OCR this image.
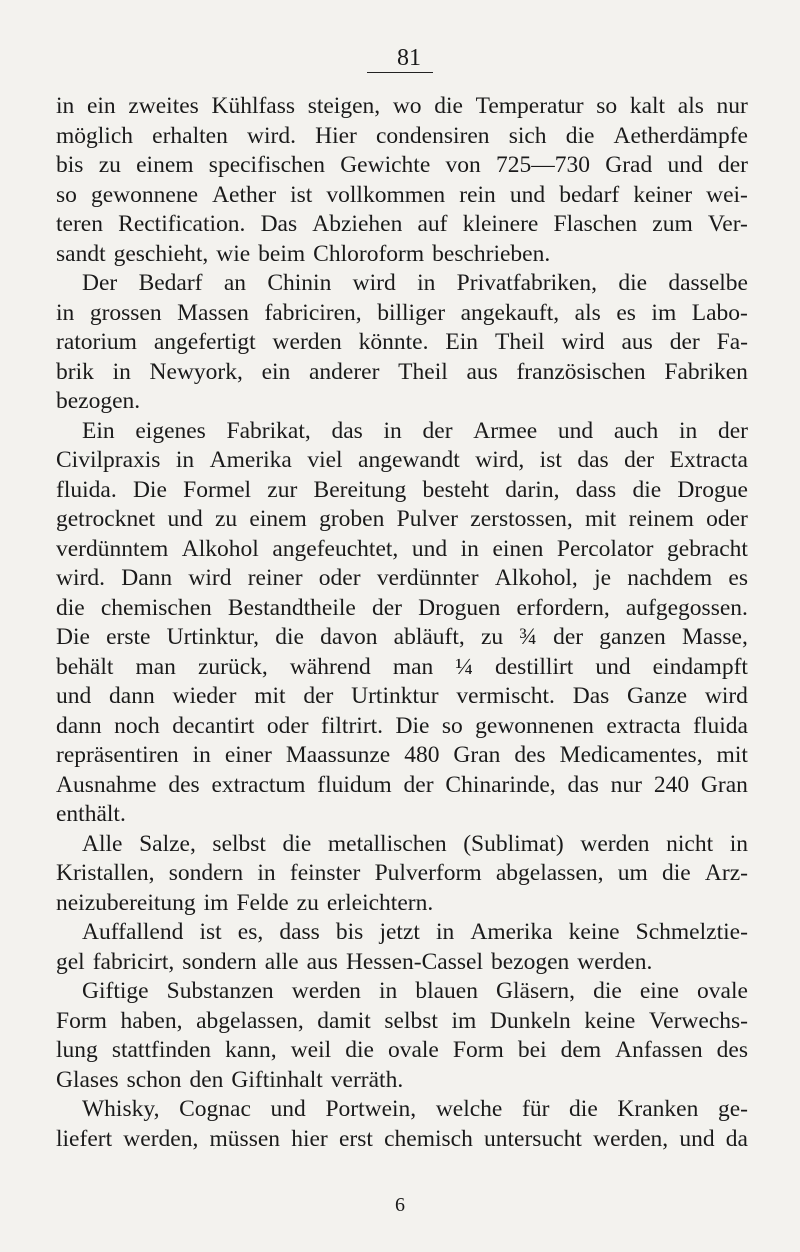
81
in ein zweites Kühlfass steigen, wo die Temperatur so kalt als nur
möglich erhalten wird. Hier condensiren sich die Aetherdämpfe
bis zu einem specifischen Gewichte von 725—730 Grad und der
so gewonnene Aether ist vollkommen rein und bedarf keiner wei-
teren Rectification. Das Abziehen auf kleinere Flaschen zum Ver-
sandt geschieht, wie beim Chloroform beschrieben.
Der Bedarf an Chinin wird in Privatfabriken, die dasselbe
in grossen Massen fabriciren, billiger angekauft, als es im Labo-
ratorium angefertigt werden könnte. Ein Theil wird aus der Fa-
brik in Newyork, ein anderer Theil aus französischen Fabriken
bezogen.
Ein eigenes Fabrikat, das in der Armee und auch in der
Civilpraxis in Amerika viel angewandt wird, ist das der Extracta
fluida. Die Formel zur Bereitung besteht darin, dass die Drogue
getrocknet und zu einem groben Pulver zerstossen, mit reinem oder
verdünntem Alkohol angefeuchtet, und in einen Percolator gebracht
wird. Dann wird reiner oder verdünnter Alkohol, je nachdem es
die chemischen Bestandtheile der Droguen erfordern, aufgegossen.
Die erste Urtinktur, die davon abläuft, zu ¾ der ganzen Masse,
behält man zurück, während man ¼ destillirt und eindampft
und dann wieder mit der Urtinktur vermischt. Das Ganze wird
dann noch decantirt oder filtrirt. Die so gewonnenen extracta fluida
repräsentiren in einer Maassunze 480 Gran des Medicamentes, mit
Ausnahme des extractum fluidum der Chinarinde, das nur 240 Gran
enthält.
Alle Salze, selbst die metallischen (Sublimat) werden nicht in
Kristallen, sondern in feinster Pulverform abgelassen, um die Arz-
neizubereitung im Felde zu erleichtern.
Auffallend ist es, dass bis jetzt in Amerika keine Schmelztie-
gel fabricirt, sondern alle aus Hessen-Cassel bezogen werden.
Giftige Substanzen werden in blauen Gläsern, die eine ovale
Form haben, abgelassen, damit selbst im Dunkeln keine Verwechs-
lung stattfinden kann, weil die ovale Form bei dem Anfassen des
Glases schon den Giftinhalt verräth.
Whisky, Cognac und Portwein, welche für die Kranken ge-
liefert werden, müssen hier erst chemisch untersucht werden, und da
6
